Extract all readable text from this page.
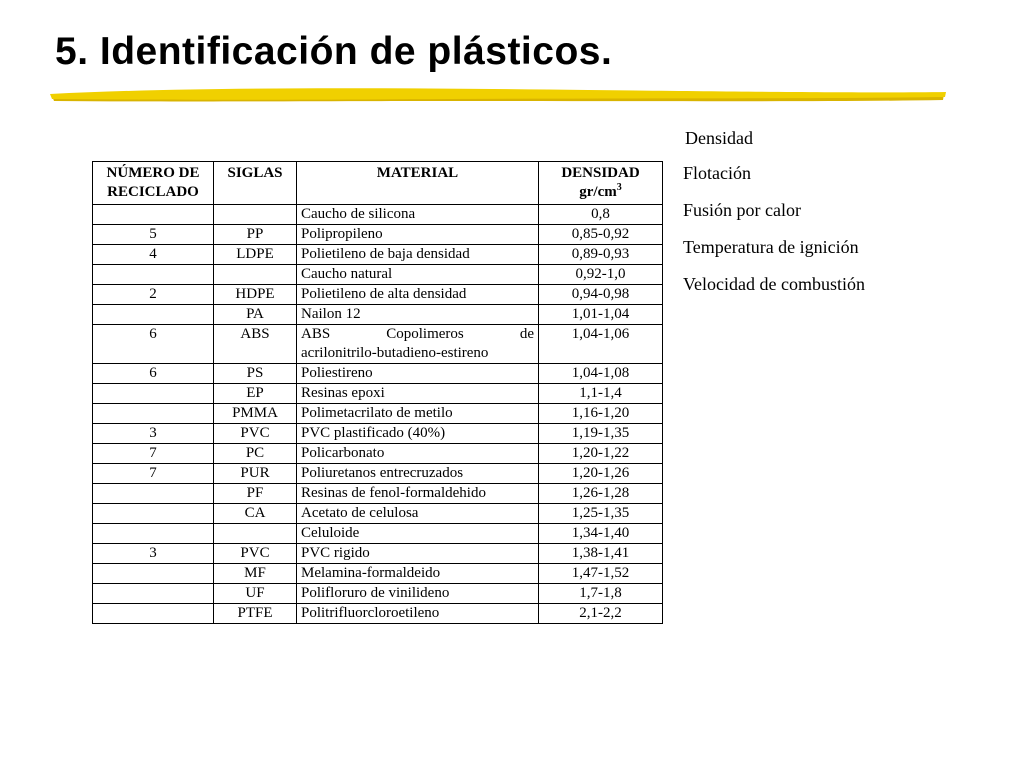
5. Identificación de plásticos.
Densidad
Flotación
Fusión por calor
Temperatura de ignición
Velocidad de combustión
NÚMERO DE RECICLADO	SIGLAS	MATERIAL	DENSIDAD $gr/cm^3$
		Caucho de silicona	0,8
5	PP	Polipropileno	0,85-0,92
4	LDPE	Polietileno de baja densidad	0,89-0,93
		Caucho natural	0,92-1,0
2	HDPE	Polietileno de alta densidad	0,94-0,98
	PA	Nailon 12	1,01-1,04
6	ABS	ABS Copolimeros de
acrilonitrilo-butadieno-estireno	1,04-1,06
6	PS	Poliestireno	1,04-1,08
	EP	Resinas epoxi	1,1-1,4
	PMMA	Polimetacrilato de metilo	1,16-1,20
3	PVC	PVC plastificado (40%)	1,19-1,35
7	PC	Policarbonato	1,20-1,22
7	PUR	Poliuretanos entrecruzados	1,20-1,26
	PF	Resinas de fenol-formaldehido	1,26-1,28
	CA	Acetato de celulosa	1,25-1,35
		Celuloide	1,34-1,40
3	PVC	PVC rigido	1,38-1,41
	MF	Melamina-formaldeido	1,47-1,52
	UF	Polifloruro de vinilideno	1,7-1,8
	PTFE	Politrifluorcloroetileno	2,1-2,2
